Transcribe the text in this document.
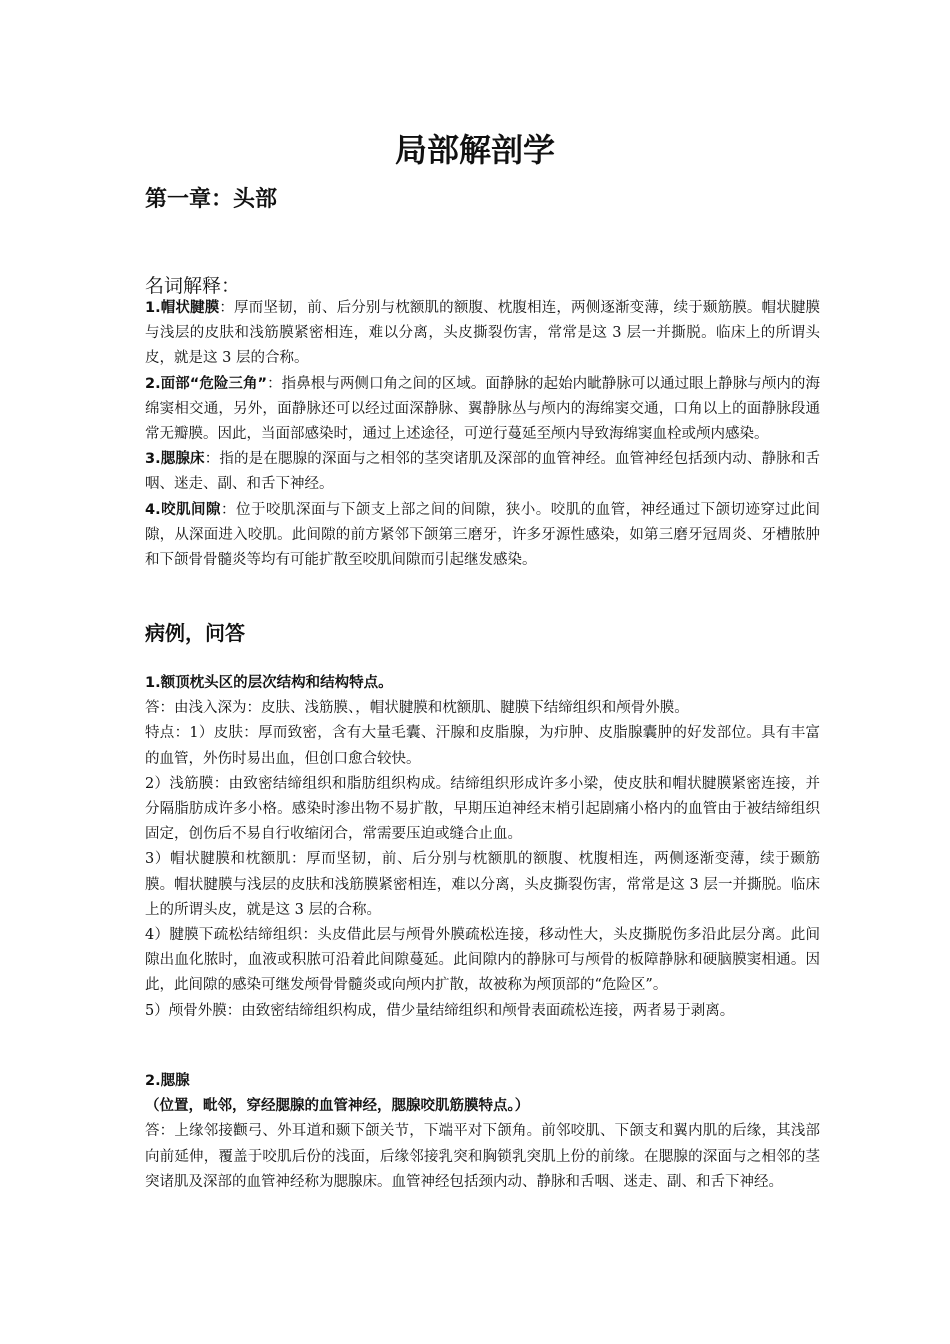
局部解剖学
第一章：头部
名词解释：

1.帽状腱膜：厚而坚韧，前、后分别与枕额肌的额腹、枕腹相连，两侧逐渐变薄，续于颞筋膜。帽状腱膜与浅层的皮肤和浅筋膜紧密相连，难以分离，头皮撕裂伤害，常常是这 3 层一并撕脱。临床上的所谓头皮，就是这 3 层的合称。

2.面部“危险三角”：指鼻根与两侧口角之间的区域。面静脉的起始内眦静脉可以通过眼上静脉与颅内的海绵窦相交通，另外，面静脉还可以经过面深静脉、翼静脉丛与颅内的海绵窦交通，口角以上的面静脉段通常无瓣膜。因此，当面部感染时，通过上述途径，可逆行蔓延至颅内导致海绵窦血栓或颅内感染。

3.腮腺床：指的是在腮腺的深面与之相邻的茎突诸肌及深部的血管神经。血管神经包括颈内动、静脉和舌咽、迷走、副、和舌下神经。

4.咬肌间隙：位于咬肌深面与下颌支上部之间的间隙，狭小。咬肌的血管，神经通过下颌切迹穿过此间隙，从深面进入咬肌。此间隙的前方紧邻下颌第三磨牙，许多牙源性感染，如第三磨牙冠周炎、牙槽脓肿和下颌骨骨髓炎等均有可能扩散至咬肌间隙而引起继发感染。

病例，问答

1.额顶枕头区的层次结构和结构特点。

答：由浅入深为：皮肤、浅筋膜、，帽状腱膜和枕额肌、腱膜下结缔组织和颅骨外膜。

特点：1）皮肤：厚而致密，含有大量毛囊、汗腺和皮脂腺，为疖肿、皮脂腺囊肿的好发部位。具有丰富的血管，外伤时易出血，但创口愈合较快。

2）浅筋膜：由致密结缔组织和脂肪组织构成。结缔组织形成许多小梁，使皮肤和帽状腱膜紧密连接，并分隔脂肪成许多小格。感染时渗出物不易扩散，早期压迫神经末梢引起剧痛小格内的血管由于被结缔组织固定，创伤后不易自行收缩闭合，常需要压迫或缝合止血。

3）帽状腱膜和枕额肌：厚而坚韧，前、后分别与枕额肌的额腹、枕腹相连，两侧逐渐变薄，续于颞筋膜。帽状腱膜与浅层的皮肤和浅筋膜紧密相连，难以分离，头皮撕裂伤害，常常是这 3 层一并撕脱。临床上的所谓头皮，就是这 3 层的合称。

4）腱膜下疏松结缔组织：头皮借此层与颅骨外膜疏松连接，移动性大，头皮撕脱伤多沿此层分离。此间隙出血化脓时，血液或积脓可沿着此间隙蔓延。此间隙内的静脉可与颅骨的板障静脉和硬脑膜窦相通。因此，此间隙的感染可继发颅骨骨髓炎或向颅内扩散，故被称为颅顶部的“危险区”。

5）颅骨外膜：由致密结缔组织构成，借少量结缔组织和颅骨表面疏松连接，两者易于剥离。

2.腮腺

（位置，毗邻，穿经腮腺的血管神经，腮腺咬肌筋膜特点。）

答：上缘邻接颧弓、外耳道和颞下颌关节，下端平对下颌角。前邻咬肌、下颌支和翼内肌的后缘，其浅部向前延伸，覆盖于咬肌后份的浅面，后缘邻接乳突和胸锁乳突肌上份的前缘。在腮腺的深面与之相邻的茎突诸肌及深部的血管神经称为腮腺床。血管神经包括颈内动、静脉和舌咽、迷走、副、和舌下神经。
